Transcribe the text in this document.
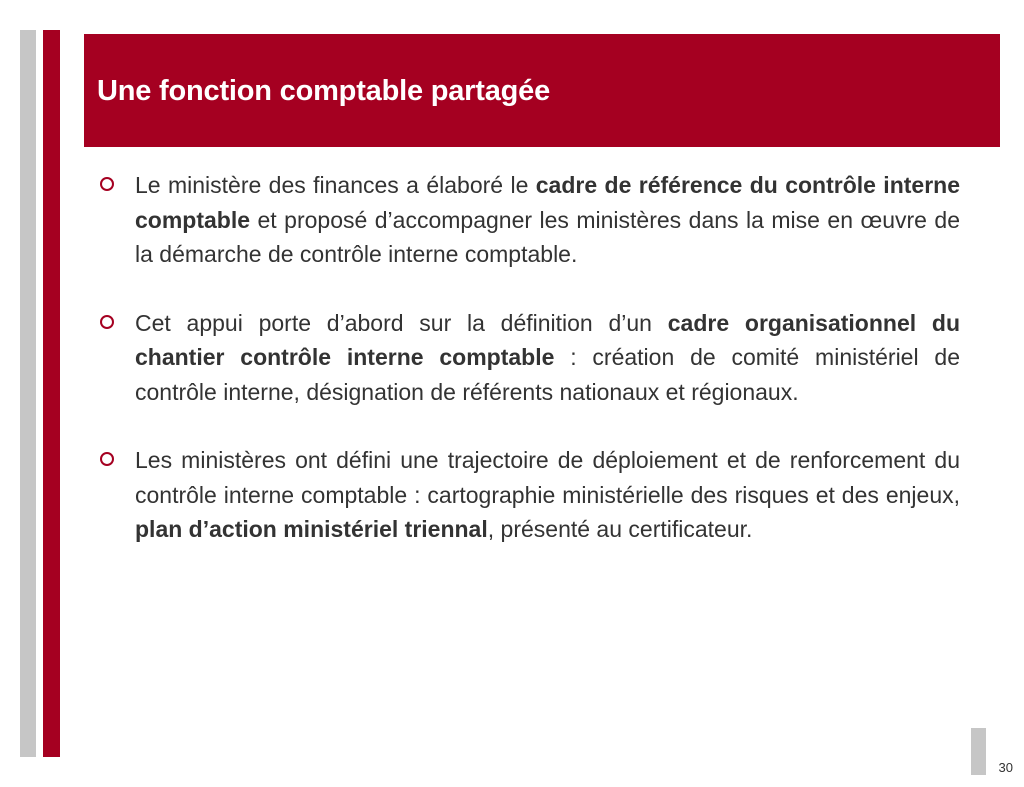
Une fonction comptable partagée
Le ministère des finances a élaboré le cadre de référence du contrôle interne comptable et proposé d’accompagner les ministères dans la mise en œuvre de la démarche de contrôle interne comptable.
Cet appui porte d’abord sur la définition d’un cadre organisationnel du chantier contrôle interne comptable : création de comité ministériel de contrôle interne, désignation de référents nationaux et régionaux.
Les ministères ont défini une trajectoire de déploiement et de renforcement du contrôle interne comptable : cartographie ministérielle des risques et des enjeux, plan d’action ministériel triennal, présenté au certificateur.
30
